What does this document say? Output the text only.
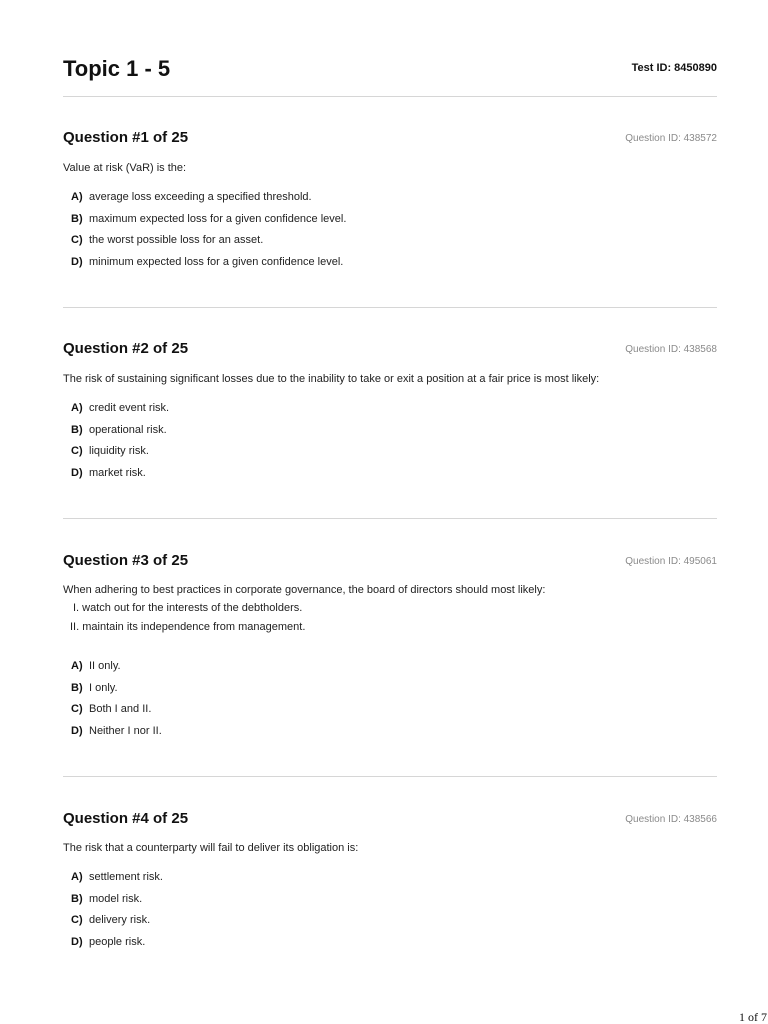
Topic 1 - 5	Test ID: 8450890
Question #1 of 25	Question ID: 438572
Value at risk (VaR) is the:
A) average loss exceeding a specified threshold.
B) maximum expected loss for a given confidence level.
C) the worst possible loss for an asset.
D) minimum expected loss for a given confidence level.
Question #2 of 25	Question ID: 438568
The risk of sustaining significant losses due to the inability to take or exit a position at a fair price is most likely:
A) credit event risk.
B) operational risk.
C) liquidity risk.
D) market risk.
Question #3 of 25	Question ID: 495061
When adhering to best practices in corporate governance, the board of directors should most likely:
I. watch out for the interests of the debtholders.
II. maintain its independence from management.
A) II only.
B) I only.
C) Both I and II.
D) Neither I nor II.
Question #4 of 25	Question ID: 438566
The risk that a counterparty will fail to deliver its obligation is:
A) settlement risk.
B) model risk.
C) delivery risk.
D) people risk.
1 of 7
